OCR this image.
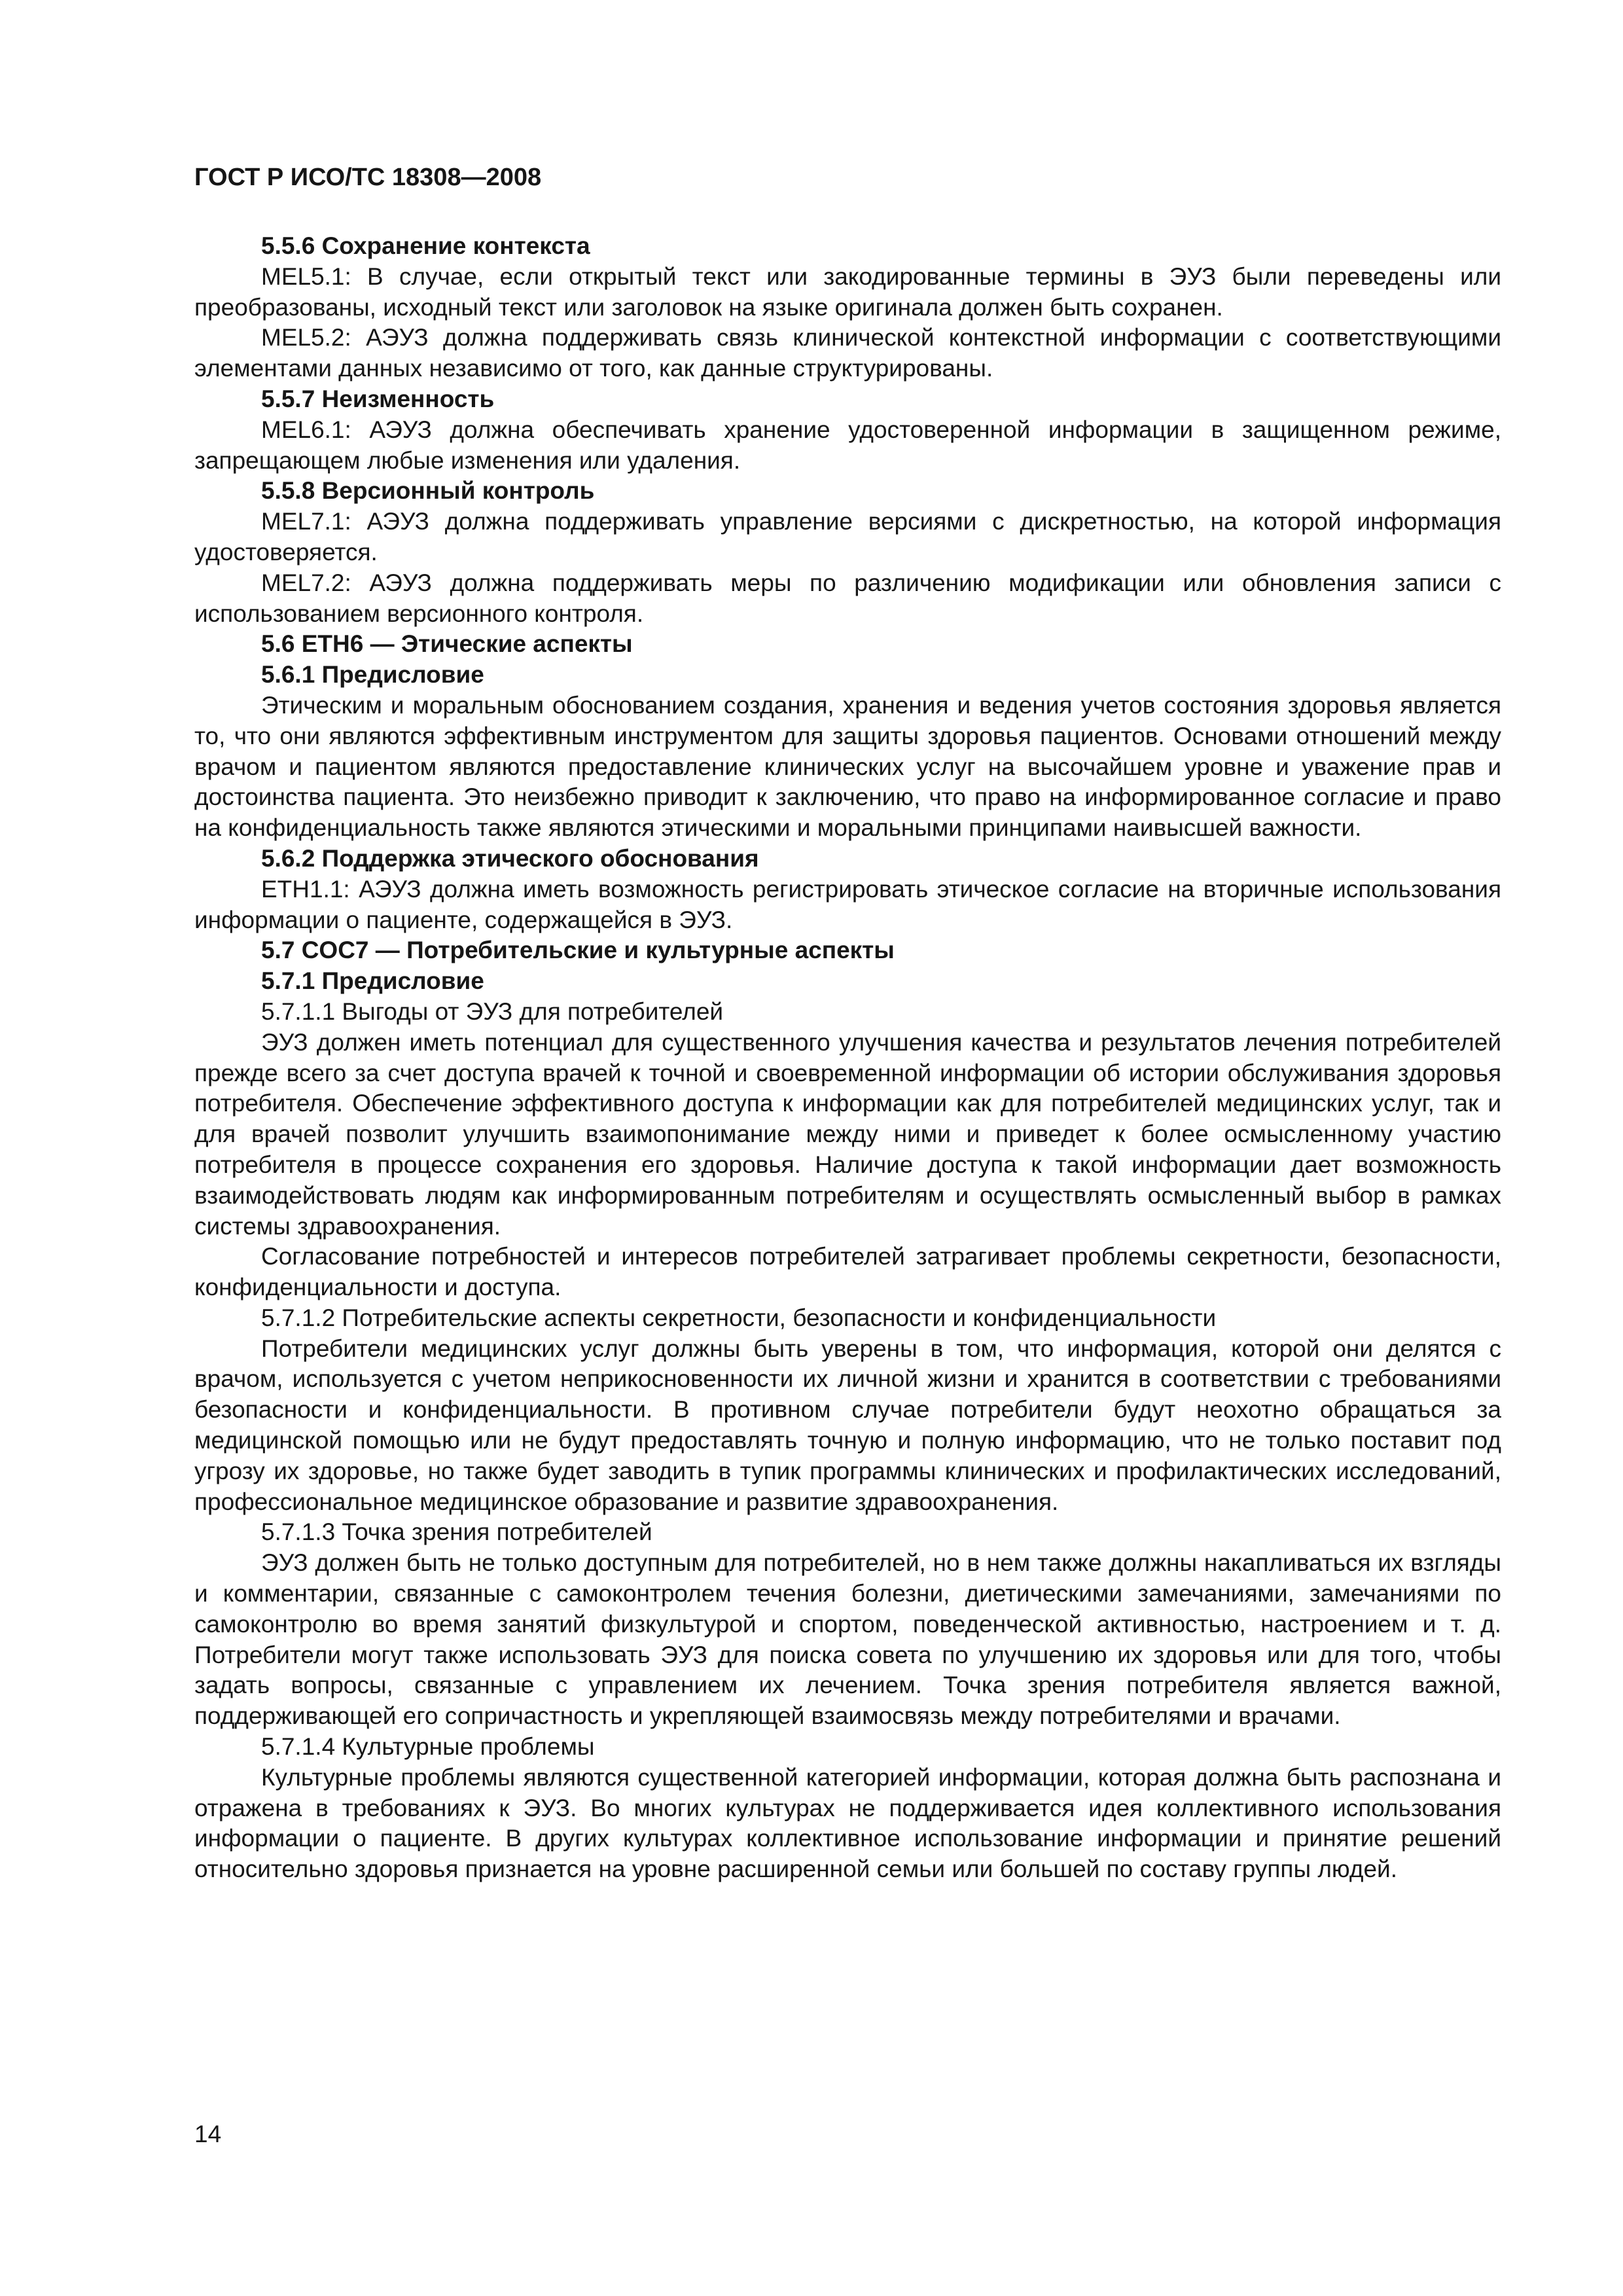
ГОСТ Р ИСО/ТС 18308—2008
5.5.6 Сохранение контекста

MEL5.1: В случае, если открытый текст или закодированные термины в ЭУЗ были переведены или преобразованы, исходный текст или заголовок на языке оригинала должен быть сохранен.

MEL5.2: АЭУЗ должна поддерживать связь клинической контекстной информации с соответствующими элементами данных независимо от того, как данные структурированы.

5.5.7 Неизменность

MEL6.1: АЭУЗ должна обеспечивать хранение удостоверенной информации в защищенном режиме, запрещающем любые изменения или удаления.

5.5.8 Версионный контроль

MEL7.1: АЭУЗ должна поддерживать управление версиями с дискретностью, на которой информация удостоверяется.

MEL7.2: АЭУЗ должна поддерживать меры по различению модификации или обновления записи с использованием версионного контроля.

5.6 ETH6 — Этические аспекты
5.6.1 Предисловие

Этическим и моральным обоснованием создания, хранения и ведения учетов состояния здоровья является то, что они являются эффективным инструментом для защиты здоровья пациентов. Основами отношений между врачом и пациентом являются предоставление клинических услуг на высочайшем уровне и уважение прав и достоинства пациента. Это неизбежно приводит к заключению, что право на информированное согласие и право на конфиденциальность также являются этическими и моральными принципами наивысшей важности.

5.6.2 Поддержка этического обоснования

ETH1.1: АЭУЗ должна иметь возможность регистрировать этическое согласие на вторичные использования информации о пациенте, содержащейся в ЭУЗ.

5.7 COC7 — Потребительские и культурные аспекты
5.7.1 Предисловие

5.7.1.1 Выгоды от ЭУЗ для потребителей

ЭУЗ должен иметь потенциал для существенного улучшения качества и результатов лечения потребителей прежде всего за счет доступа врачей к точной и своевременной информации об истории обслуживания здоровья потребителя. Обеспечение эффективного доступа к информации как для потребителей медицинских услуг, так и для врачей позволит улучшить взаимопонимание между ними и приведет к более осмысленному участию потребителя в процессе сохранения его здоровья. Наличие доступа к такой информации дает возможность взаимодействовать людям как информированным потребителям и осуществлять осмысленный выбор в рамках системы здравоохранения.

Согласование потребностей и интересов потребителей затрагивает проблемы секретности, безопасности, конфиденциальности и доступа.

5.7.1.2 Потребительские аспекты секретности, безопасности и конфиденциальности

Потребители медицинских услуг должны быть уверены в том, что информация, которой они делятся с врачом, используется с учетом неприкосновенности их личной жизни и хранится в соответствии с требованиями безопасности и конфиденциальности. В противном случае потребители будут неохотно обращаться за медицинской помощью или не будут предоставлять точную и полную информацию, что не только поставит под угрозу их здоровье, но также будет заводить в тупик программы клинических и профилактических исследований, профессиональное медицинское образование и развитие здравоохранения.

5.7.1.3 Точка зрения потребителей

ЭУЗ должен быть не только доступным для потребителей, но в нем также должны накапливаться их взгляды и комментарии, связанные с самоконтролем течения болезни, диетическими замечаниями, замечаниями по самоконтролю во время занятий физкультурой и спортом, поведенческой активностью, настроением и т. д. Потребители могут также использовать ЭУЗ для поиска совета по улучшению их здоровья или для того, чтобы задать вопросы, связанные с управлением их лечением. Точка зрения потребителя является важной, поддерживающей его сопричастность и укрепляющей взаимосвязь между потребителями и врачами.

5.7.1.4 Культурные проблемы

Культурные проблемы являются существенной категорией информации, которая должна быть распознана и отражена в требованиях к ЭУЗ. Во многих культурах не поддерживается идея коллективного использования информации о пациенте. В других культурах коллективное использование информации и принятие решений относительно здоровья признается на уровне расширенной семьи или большей по составу группы людей.

14
